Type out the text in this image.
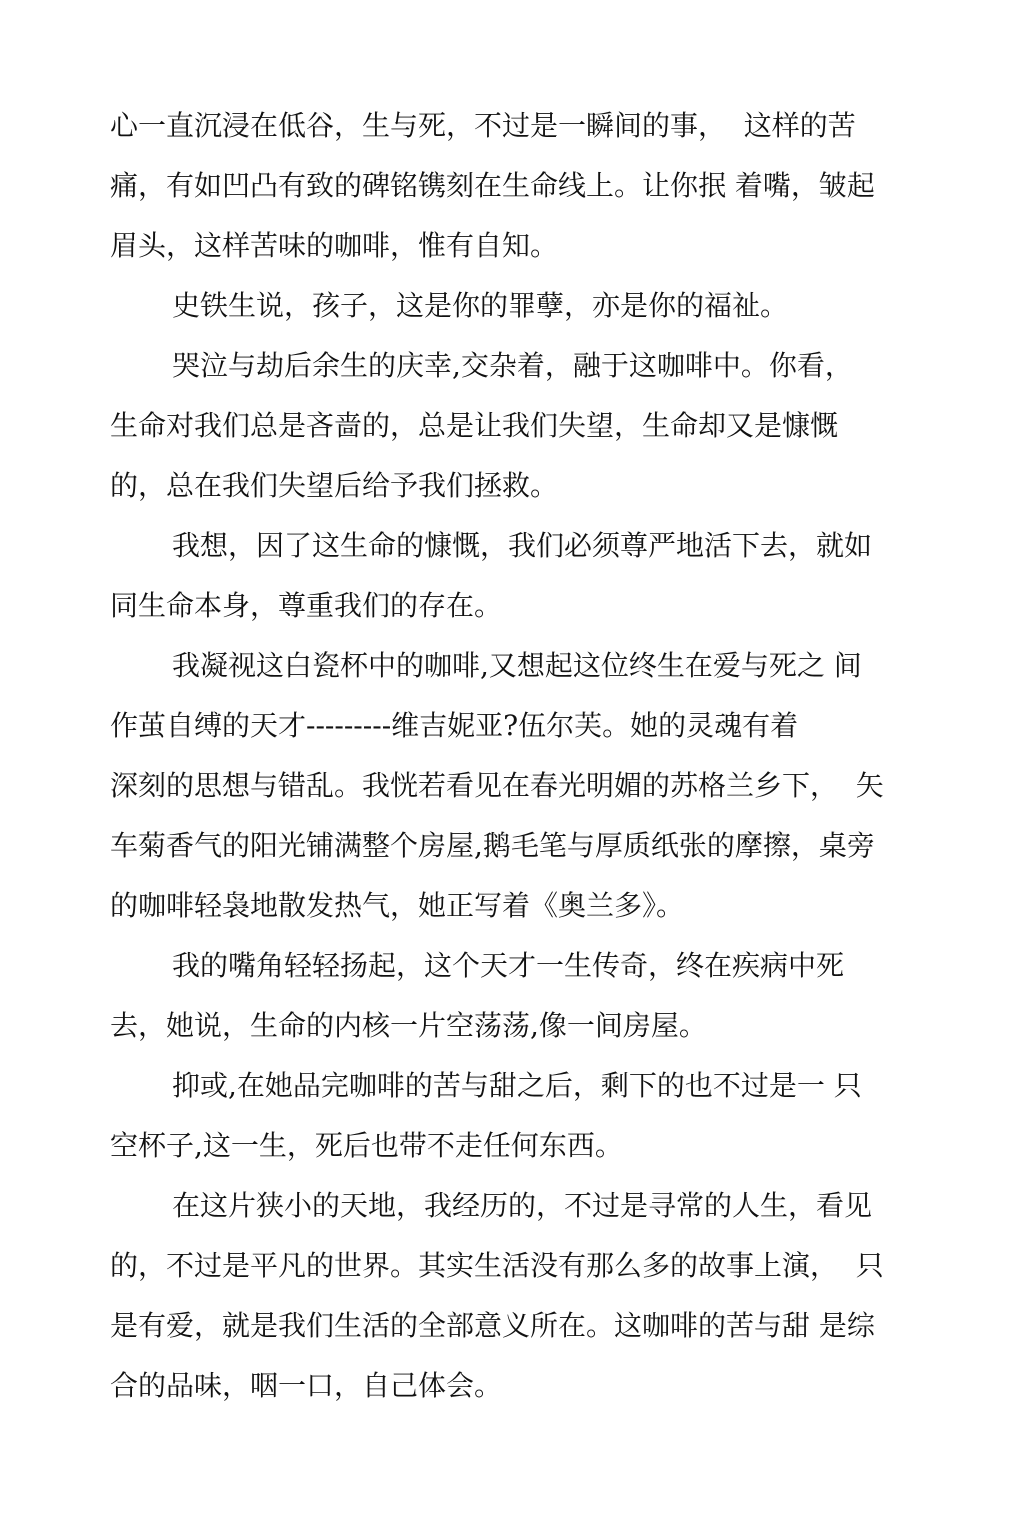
心一直沉浸在低谷，生与死，不过是一瞬间的事，  这样的苦
痛，有如凹凸有致的碑铭镌刻在生命线上。让你抿 着嘴，皱起
眉头，这样苦味的咖啡，惟有自知。
史铁生说，孩子，这是你的罪孽，亦是你的福祉。
哭泣与劫后余生的庆幸,交杂着，融于这咖啡中。你看，
生命对我们总是吝啬的，总是让我们失望，生命却又是慷慨
的，总在我们失望后给予我们拯救。
我想，因了这生命的慷慨，我们必须尊严地活下去，就如
同生命本身，尊重我们的存在。
我凝视这白瓷杯中的咖啡,又想起这位终生在爱与死之 间
作茧自缚的天才---------维吉妮亚?伍尔芙。她的灵魂有着
深刻的思想与错乱。我恍若看见在春光明媚的苏格兰乡下，  矢
车菊香气的阳光铺满整个房屋,鹅毛笔与厚质纸张的摩擦，桌旁
的咖啡轻袅地散发热气，她正写着《奥兰多》。
我的嘴角轻轻扬起，这个天才一生传奇，终在疾病中死
去，她说，生命的内核一片空荡荡,像一间房屋。
抑或,在她品完咖啡的苦与甜之后，剩下的也不过是一 只
空杯子,这一生，死后也带不走任何东西。
在这片狭小的天地，我经历的，不过是寻常的人生，看见
的，不过是平凡的世界。其实生活没有那么多的故事上演，  只
是有爱，就是我们生活的全部意义所在。这咖啡的苦与甜 是综
合的品味，咽一口，自己体会。
